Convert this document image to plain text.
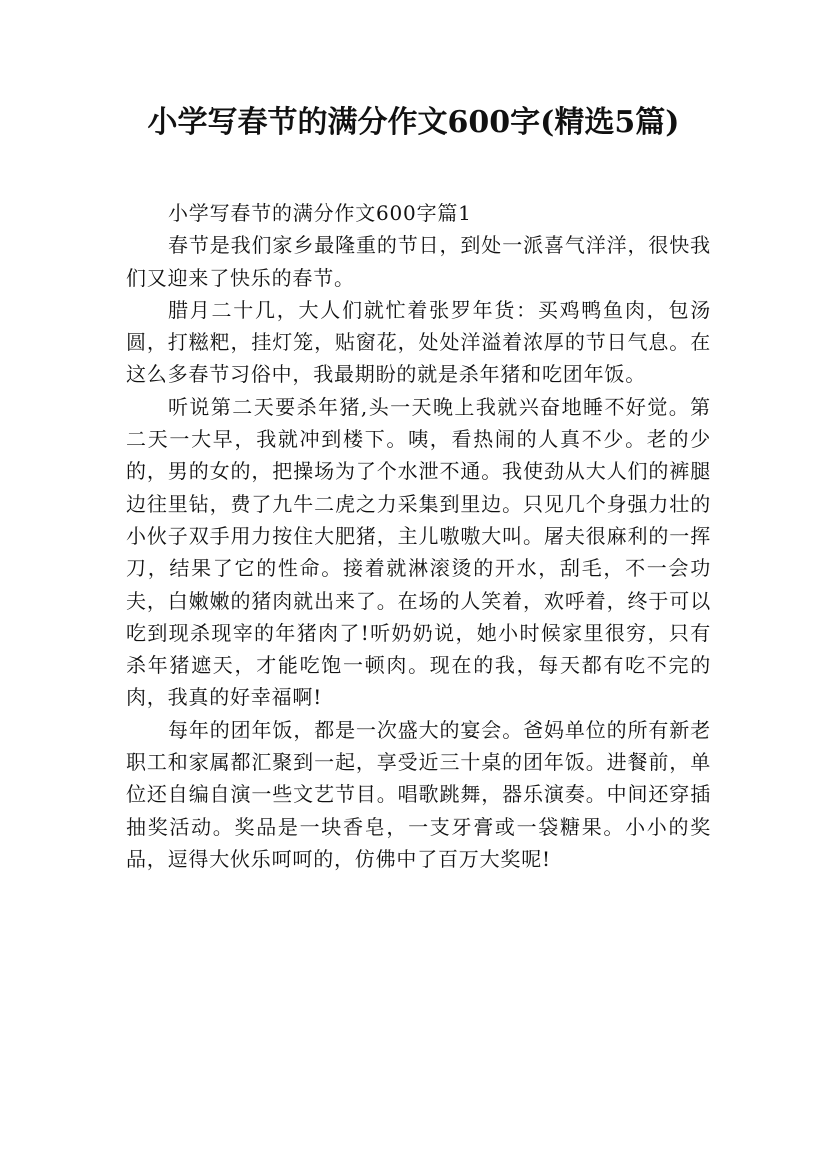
小学写春节的满分作文600字(精选5篇)

小学写春节的满分作文600字篇1

春节是我们家乡最隆重的节日，到处一派喜气洋洋，很快我们又迎来了快乐的春节。

腊月二十几，大人们就忙着张罗年货：买鸡鸭鱼肉，包汤圆，打糍粑，挂灯笼，贴窗花，处处洋溢着浓厚的节日气息。在这么多春节习俗中，我最期盼的就是杀年猪和吃团年饭。

听说第二天要杀年猪,头一天晚上我就兴奋地睡不好觉。第二天一大早，我就冲到楼下。咦，看热闹的人真不少。老的少的，男的女的，把操场为了个水泄不通。我使劲从大人们的裤腿边往里钻，费了九牛二虎之力采集到里边。只见几个身强力壮的小伙子双手用力按住大肥猪，主儿嗷嗷大叫。屠夫很麻利的一挥刀，结果了它的性命。接着就淋滚烫的开水，刮毛，不一会功夫，白嫩嫩的猪肉就出来了。在场的人笑着，欢呼着，终于可以吃到现杀现宰的年猪肉了!听奶奶说，她小时候家里很穷，只有杀年猪遮天，才能吃饱一顿肉。现在的我，每天都有吃不完的肉，我真的好幸福啊!

每年的团年饭，都是一次盛大的宴会。爸妈单位的所有新老职工和家属都汇聚到一起，享受近三十桌的团年饭。进餐前，单位还自编自演一些文艺节目。唱歌跳舞，器乐演奏。中间还穿插抽奖活动。奖品是一块香皂，一支牙膏或一袋糖果。小小的奖品，逗得大伙乐呵呵的，仿佛中了百万大奖呢!
